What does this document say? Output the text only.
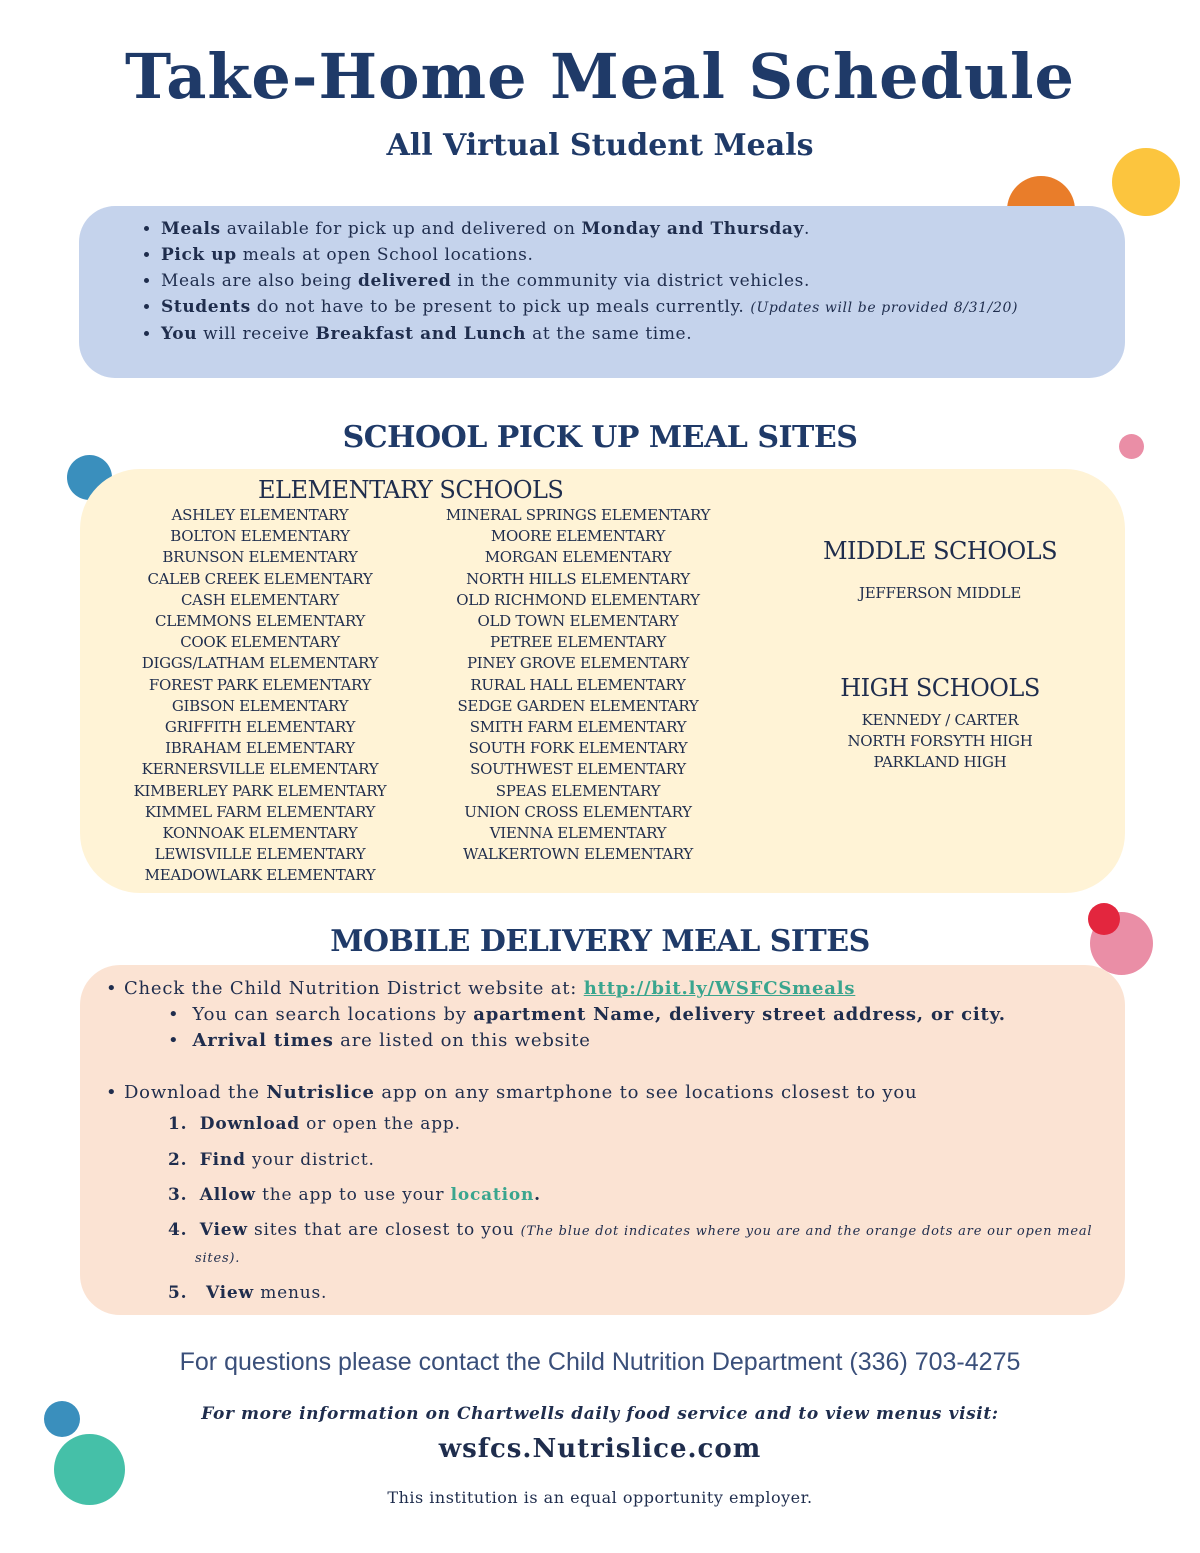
Take-Home Meal Schedule
All Virtual Student Meals
• Meals available for pick up and delivered on Monday and Thursday.
• Pick up meals at open School locations.
• Meals are also being delivered in the community via district vehicles.
• Students do not have to be present to pick up meals currently. (Updates will be provided 8/31/20)
• You will receive Breakfast and Lunch at the same time.
SCHOOL PICK UP MEAL SITES
ELEMENTARY SCHOOLS
ASHLEY ELEMENTARY
BOLTON ELEMENTARY
BRUNSON ELEMENTARY
CALEB CREEK ELEMENTARY
CASH ELEMENTARY
CLEMMONS ELEMENTARY
COOK ELEMENTARY
DIGGS/LATHAM ELEMENTARY
FOREST PARK ELEMENTARY
GIBSON ELEMENTARY
GRIFFITH ELEMENTARY
IBRAHAM ELEMENTARY
KERNERSVILLE ELEMENTARY
KIMBERLEY PARK ELEMENTARY
KIMMEL FARM ELEMENTARY
KONNOAK ELEMENTARY
LEWISVILLE ELEMENTARY
MEADOWLARK ELEMENTARY
MINERAL SPRINGS ELEMENTARY
MOORE ELEMENTARY
MORGAN ELEMENTARY
NORTH HILLS ELEMENTARY
OLD RICHMOND ELEMENTARY
OLD TOWN ELEMENTARY
PETREE ELEMENTARY
PINEY GROVE ELEMENTARY
RURAL HALL ELEMENTARY
SEDGE GARDEN ELEMENTARY
SMITH FARM ELEMENTARY
SOUTH FORK ELEMENTARY
SOUTHWEST ELEMENTARY
SPEAS ELEMENTARY
UNION CROSS ELEMENTARY
VIENNA ELEMENTARY
WALKERTOWN ELEMENTARY
MIDDLE SCHOOLS
JEFFERSON MIDDLE
HIGH SCHOOLS
KENNEDY / CARTER
NORTH FORSYTH HIGH
PARKLAND HIGH
MOBILE DELIVERY MEAL SITES
• Check the Child Nutrition District website at: http://bit.ly/WSFCSmeals
•  You can search locations by apartment Name, delivery street address, or city.
•  Arrival times are listed on this website
• Download the Nutrislice app on any smartphone to see locations closest to you
1. Download or open the app.
2. Find your district.
3. Allow the app to use your location.
4. View sites that are closest to you (The blue dot indicates where you are and the orange dots are our open meal
sites).
5. View menus.
For questions please contact the Child Nutrition Department (336) 703-4275
For more information on Chartwells daily food service and to view menus visit:
wsfcs.Nutrislice.com
This institution is an equal opportunity employer.
